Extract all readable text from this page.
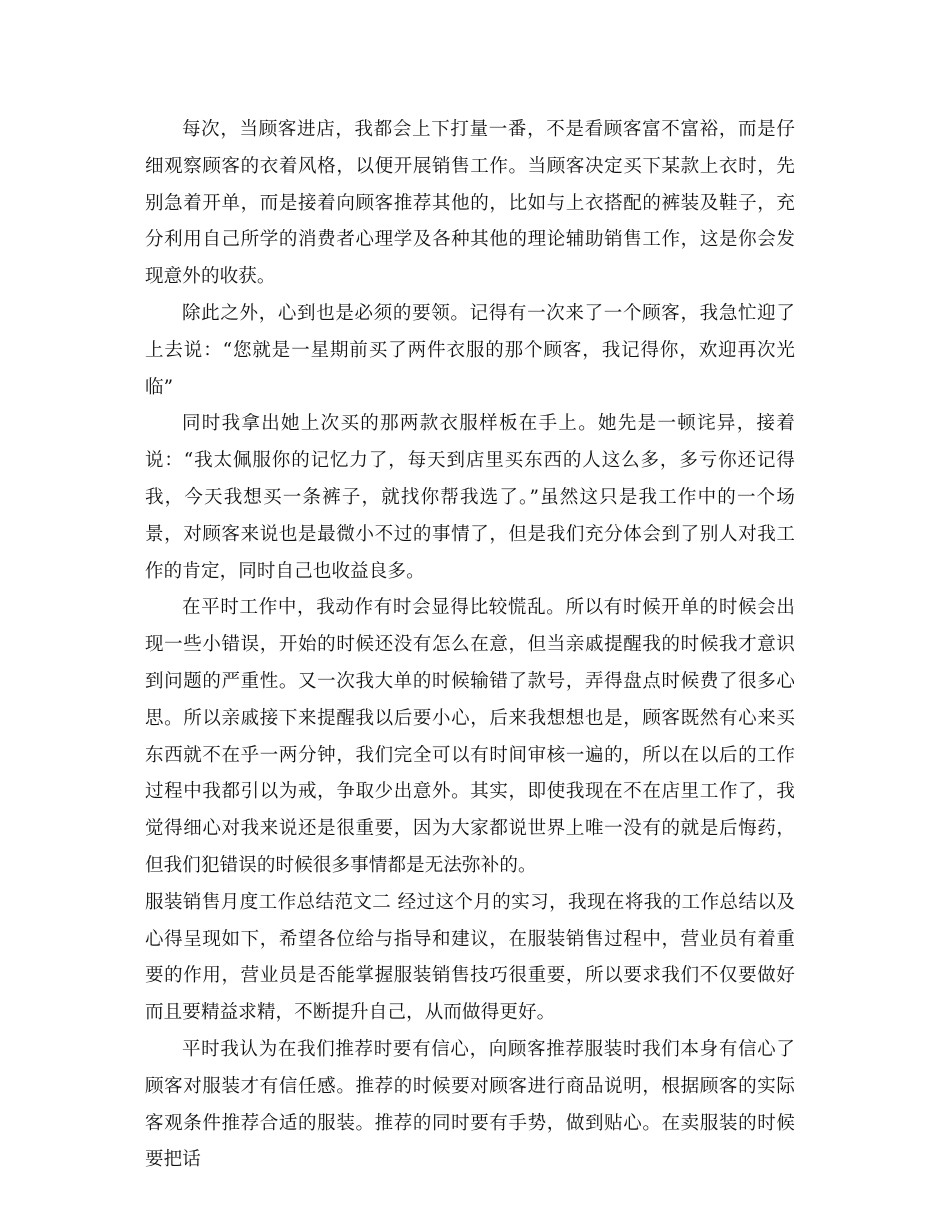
每次，当顾客进店，我都会上下打量一番，不是看顾客富不富裕，而是仔细观察顾客的衣着风格，以便开展销售工作。当顾客决定买下某款上衣时，先别急着开单，而是接着向顾客推荐其他的，比如与上衣搭配的裤装及鞋子，充分利用自己所学的消费者心理学及各种其他的理论辅助销售工作，这是你会发现意外的收获。

除此之外，心到也是必须的要领。记得有一次来了一个顾客，我急忙迎了上去说：“您就是一星期前买了两件衣服的那个顾客，我记得你，欢迎再次光临”

同时我拿出她上次买的那两款衣服样板在手上。她先是一顿诧异，接着说：“我太佩服你的记忆力了，每天到店里买东西的人这么多，多亏你还记得我，今天我想买一条裤子，就找你帮我选了。”虽然这只是我工作中的一个场景，对顾客来说也是最微小不过的事情了，但是我们充分体会到了别人对我工作的肯定，同时自己也收益良多。

在平时工作中，我动作有时会显得比较慌乱。所以有时候开单的时候会出现一些小错误，开始的时候还没有怎么在意，但当亲戚提醒我的时候我才意识到问题的严重性。又一次我大单的时候输错了款号，弄得盘点时候费了很多心思。所以亲戚接下来提醒我以后要小心，后来我想想也是，顾客既然有心来买东西就不在乎一两分钟，我们完全可以有时间审核一遍的，所以在以后的工作过程中我都引以为戒，争取少出意外。其实，即使我现在不在店里工作了，我觉得细心对我来说还是很重要，因为大家都说世界上唯一没有的就是后悔药，但我们犯错误的时候很多事情都是无法弥补的。

服装销售月度工作总结范文二 经过这个月的实习，我现在将我的工作总结以及心得呈现如下，希望各位给与指导和建议，在服装销售过程中，营业员有着重要的作用，营业员是否能掌握服装销售技巧很重要，所以要求我们不仅要做好而且要精益求精，不断提升自己，从而做得更好。

平时我认为在我们推荐时要有信心，向顾客推荐服装时我们本身有信心了顾客对服装才有信任感。推荐的时候要对顾客进行商品说明，根据顾客的实际客观条件推荐合适的服装。推荐的同时要有手势，做到贴心。在卖服装的时候要把话
